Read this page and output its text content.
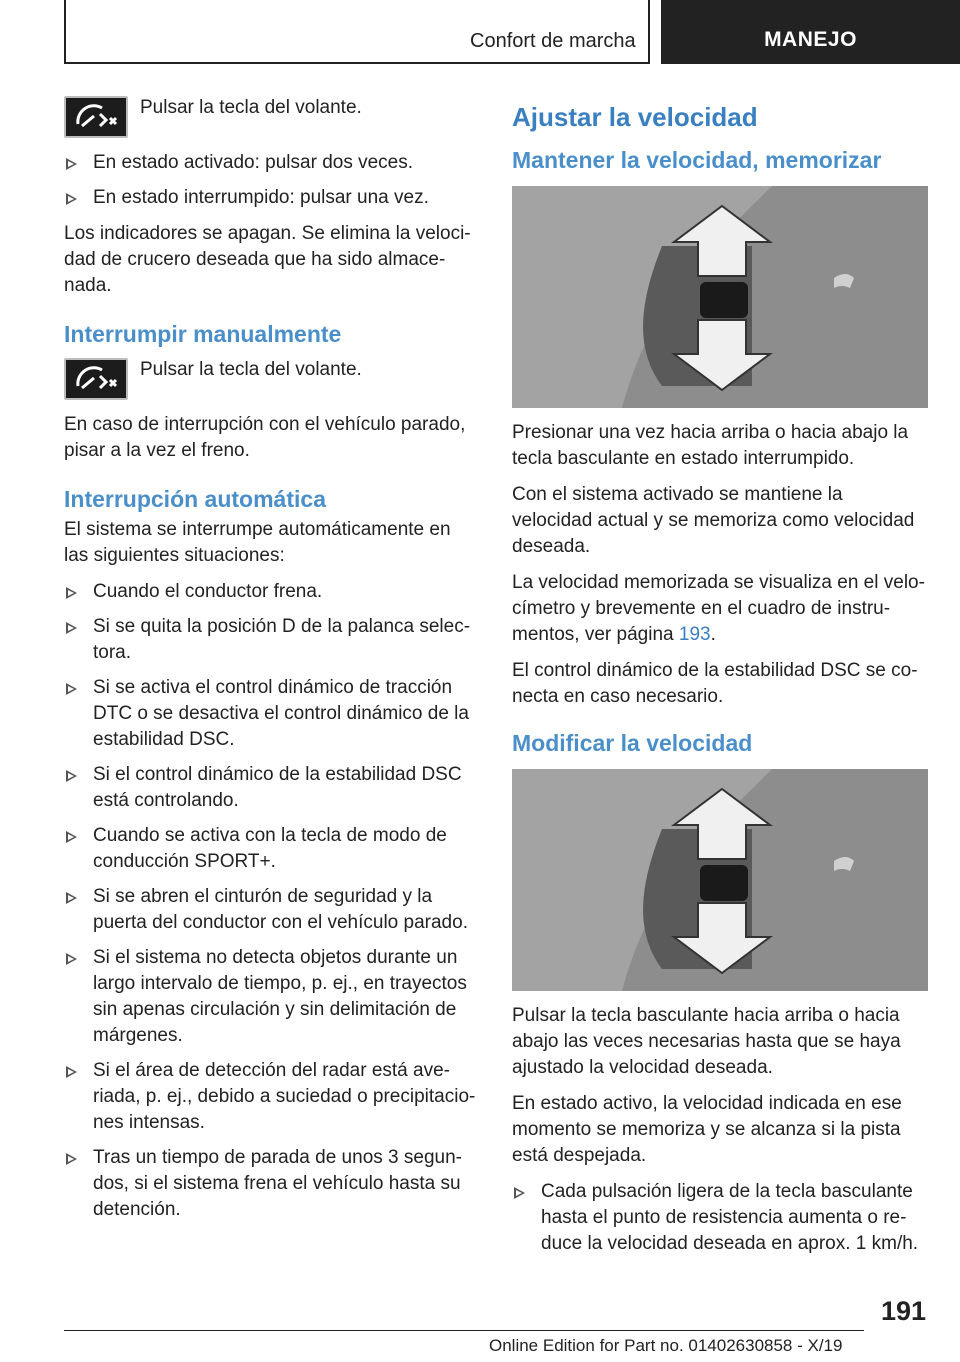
Confort de marcha	MANEJO
Pulsar la tecla del volante.
En estado activado: pulsar dos veces.
En estado interrumpido: pulsar una vez.

Los indicadores se apagan. Se elimina la veloci-dad de crucero deseada que ha sido almace-nada.

Interrumpir manualmente
Pulsar la tecla del volante.

En caso de interrupción con el vehículo parado, pisar a la vez el freno.

Interrupción automática

El sistema se interrumpe automáticamente en las siguientes situaciones:

Cuando el conductor frena.
Si se quita la posición D de la palanca selec-tora.
Si se activa el control dinámico de tracción DTC o se desactiva el control dinámico de la estabilidad DSC.
Si el control dinámico de la estabilidad DSC está controlando.
Cuando se activa con la tecla de modo de conducción SPORT+.
Si se abren el cinturón de seguridad y la puerta del conductor con el vehículo parado.
Si el sistema no detecta objetos durante un largo intervalo de tiempo, p. ej., en trayectos sin apenas circulación y sin delimitación de márgenes.
Si el área de detección del radar está ave-riada, p. ej., debido a suciedad o precipitacio-nes intensas.
Tras un tiempo de parada de unos 3 segun-dos, si el sistema frena el vehículo hasta su detención.
Ajustar la velocidad
Mantener la velocidad, memorizar

Presionar una vez hacia arriba o hacia abajo la tecla basculante en estado interrumpido.

Con el sistema activado se mantiene la velocidad actual y se memoriza como velocidad deseada.

La velocidad memorizada se visualiza en el velo-címetro y brevemente en el cuadro de instru-mentos, ver página 193.

El control dinámico de la estabilidad DSC se co-necta en caso necesario.

Modificar la velocidad

Pulsar la tecla basculante hacia arriba o hacia abajo las veces necesarias hasta que se haya ajustado la velocidad deseada.

En estado activo, la velocidad indicada en ese momento se memoriza y se alcanza si la pista está despejada.

Cada pulsación ligera de la tecla basculante hasta el punto de resistencia aumenta o re-duce la velocidad deseada en aprox. 1 km/h.
191
Online Edition for Part no. 01402630858 - X/19
